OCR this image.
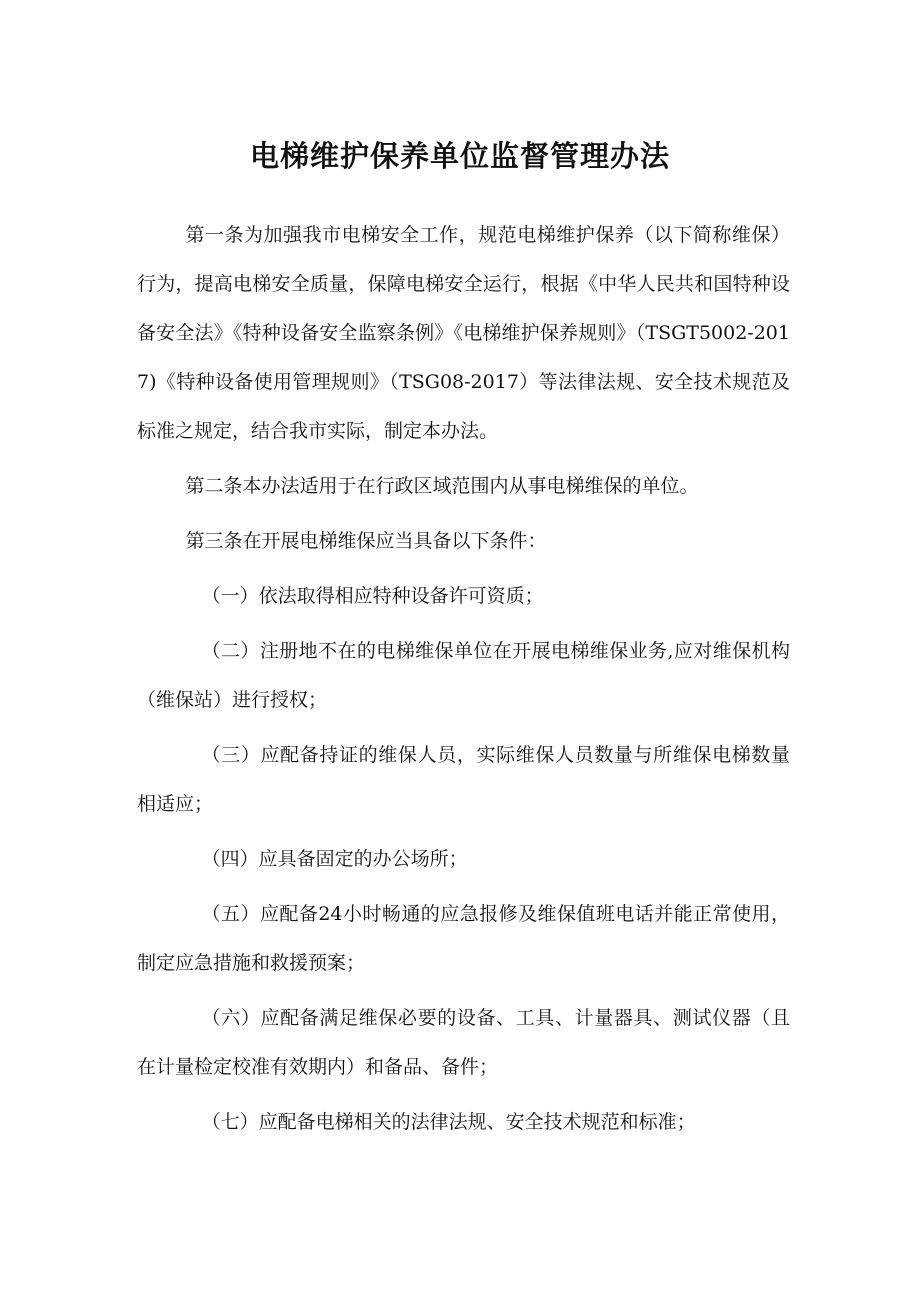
电梯维护保养单位监督管理办法

第一条为加强我市电梯安全工作，规范电梯维护保养（以下简称维保）行为，提高电梯安全质量，保障电梯安全运行，根据《中华人民共和国特种设备安全法》《特种设备安全监察条例》《电梯维护保养规则》（TSGT5002-2017)《特种设备使用管理规则》（TSG08-2017）等法律法规、安全技术规范及标准之规定，结合我市实际，制定本办法。

第二条本办法适用于在行政区域范围内从事电梯维保的单位。

第三条在开展电梯维保应当具备以下条件：

（一）依法取得相应特种设备许可资质；

（二）注册地不在的电梯维保单位在开展电梯维保业务,应对维保机构（维保站）进行授权；

（三）应配备持证的维保人员，实际维保人员数量与所维保电梯数量相适应；

（四）应具备固定的办公场所；

（五）应配备24小时畅通的应急报修及维保值班电话并能正常使用，制定应急措施和救援预案；

（六）应配备满足维保必要的设备、工具、计量器具、测试仪器（且在计量检定校准有效期内）和备品、备件；

（七）应配备电梯相关的法律法规、安全技术规范和标准；
